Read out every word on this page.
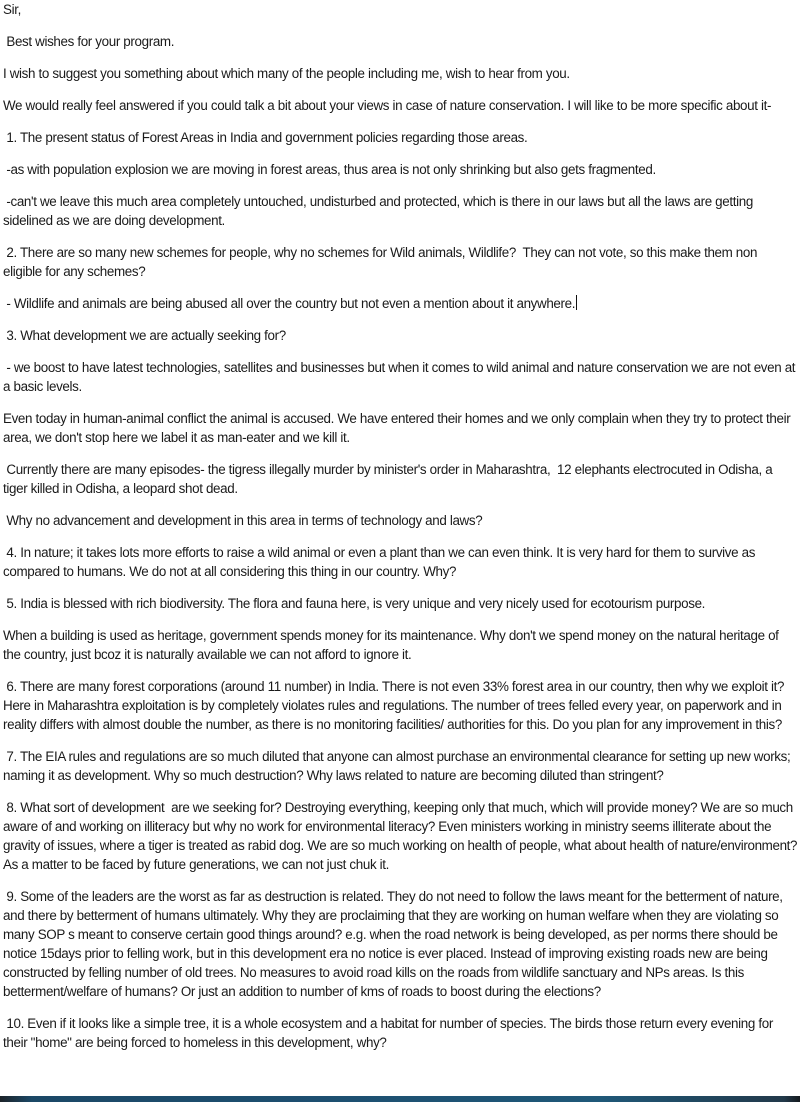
Sir,
Best wishes for your program.
I wish to suggest you something about which many of the people including me, wish to hear from you.
We would really feel answered if you could talk a bit about your views in case of nature conservation. I will like to be more specific about it-
1. The present status of Forest Areas in India and government policies regarding those areas.
-as with population explosion we are moving in forest areas, thus area is not only shrinking but also gets fragmented.
-can't we leave this much area completely untouched, undisturbed and protected, which is there in our laws but all the laws are getting sidelined as we are doing development.
2. There are so many new schemes for people, why no schemes for Wild animals, Wildlife?  They can not vote, so this make them non eligible for any schemes?
- Wildlife and animals are being abused all over the country but not even a mention about it anywhere.
3. What development we are actually seeking for?
- we boost to have latest technologies, satellites and businesses but when it comes to wild animal and nature conservation we are not even at a basic levels.
Even today in human-animal conflict the animal is accused. We have entered their homes and we only complain when they try to protect their area, we don't stop here we label it as man-eater and we kill it.
Currently there are many episodes- the tigress illegally murder by minister's order in Maharashtra,  12 elephants electrocuted in Odisha, a tiger killed in Odisha, a leopard shot dead.
Why no advancement and development in this area in terms of technology and laws?
4. In nature; it takes lots more efforts to raise a wild animal or even a plant than we can even think. It is very hard for them to survive as compared to humans. We do not at all considering this thing in our country. Why?
5. India is blessed with rich biodiversity. The flora and fauna here, is very unique and very nicely used for ecotourism purpose.
When a building is used as heritage, government spends money for its maintenance. Why don't we spend money on the natural heritage of the country, just bcoz it is naturally available we can not afford to ignore it.
6. There are many forest corporations (around 11 number) in India. There is not even 33% forest area in our country, then why we exploit it? Here in Maharashtra exploitation is by completely violates rules and regulations. The number of trees felled every year, on paperwork and in reality differs with almost double the number, as there is no monitoring facilities/ authorities for this. Do you plan for any improvement in this?
7. The EIA rules and regulations are so much diluted that anyone can almost purchase an environmental clearance for setting up new works; naming it as development. Why so much destruction? Why laws related to nature are becoming diluted than stringent?
8. What sort of development  are we seeking for? Destroying everything, keeping only that much, which will provide money? We are so much aware of and working on illiteracy but why no work for environmental literacy? Even ministers working in ministry seems illiterate about the gravity of issues, where a tiger is treated as rabid dog. We are so much working on health of people, what about health of nature/environment? As a matter to be faced by future generations, we can not just chuk it.
9. Some of the leaders are the worst as far as destruction is related. They do not need to follow the laws meant for the betterment of nature, and there by betterment of humans ultimately. Why they are proclaiming that they are working on human welfare when they are violating so many SOP s meant to conserve certain good things around? e.g. when the road network is being developed, as per norms there should be notice 15days prior to felling work, but in this development era no notice is ever placed. Instead of improving existing roads new are being constructed by felling number of old trees. No measures to avoid road kills on the roads from wildlife sanctuary and NPs areas. Is this betterment/welfare of humans? Or just an addition to number of kms of roads to boost during the elections?
10. Even if it looks like a simple tree, it is a whole ecosystem and a habitat for number of species. The birds those return every evening for their "home" are being forced to homeless in this development, why?
